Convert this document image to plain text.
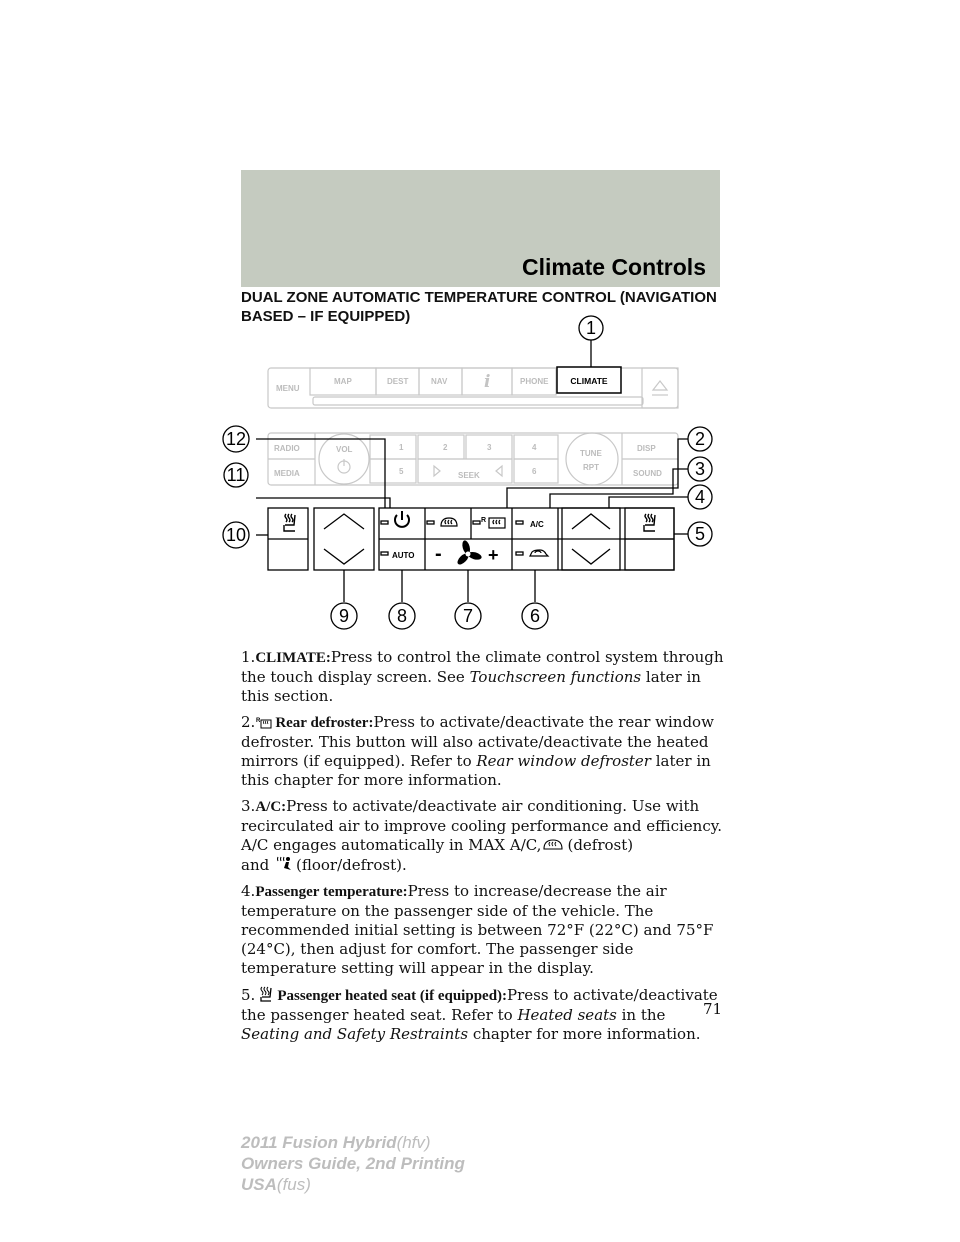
Climate Controls
DUAL ZONE AUTOMATIC TEMPERATURE CONTROL (NAVIGATION BASED – IF EQUIPPED)
MENU
MAP	DEST	NAV	PHONE
i	CLIMATE
RADIO
MEDIA
VOL	1	2	3	4
5	SEEK	6
TUNE
RPT
DISP
SOUND
R	A/C
AUTO -	+
1
2
3
4
5
6
7
8
9
10
11
12

1.CLIMATE:Press to control the climate control system through the touch display screen. See Touchscreen functions later in this section.

2. R Rear defroster:Press to activate/deactivate the rear window defroster. This button will also activate/deactivate the heated mirrors (if equipped). Refer to Rear window defroster later in this chapter for more information.

3.A/C:Press to activate/deactivate air conditioning. Use with recirculated air to improve cooling performance and efficiency. A/C engages automatically in MAX A/C, (defrost)
and (floor/defrost).

4.Passenger temperature:Press to increase/decrease the air temperature on the passenger side of the vehicle. The recommended initial setting is between 72°F (22°C) and 75°F (24°C), then adjust for comfort. The passenger side temperature setting will appear in the display.

5. Passenger heated seat (if equipped):Press to activate/deactivate the passenger heated seat. Refer to Heated seats in the Seating and Safety Restraints chapter for more information.

71
2011 Fusion Hybrid(hfv)
Owners Guide, 2nd Printing
USA(fus)
